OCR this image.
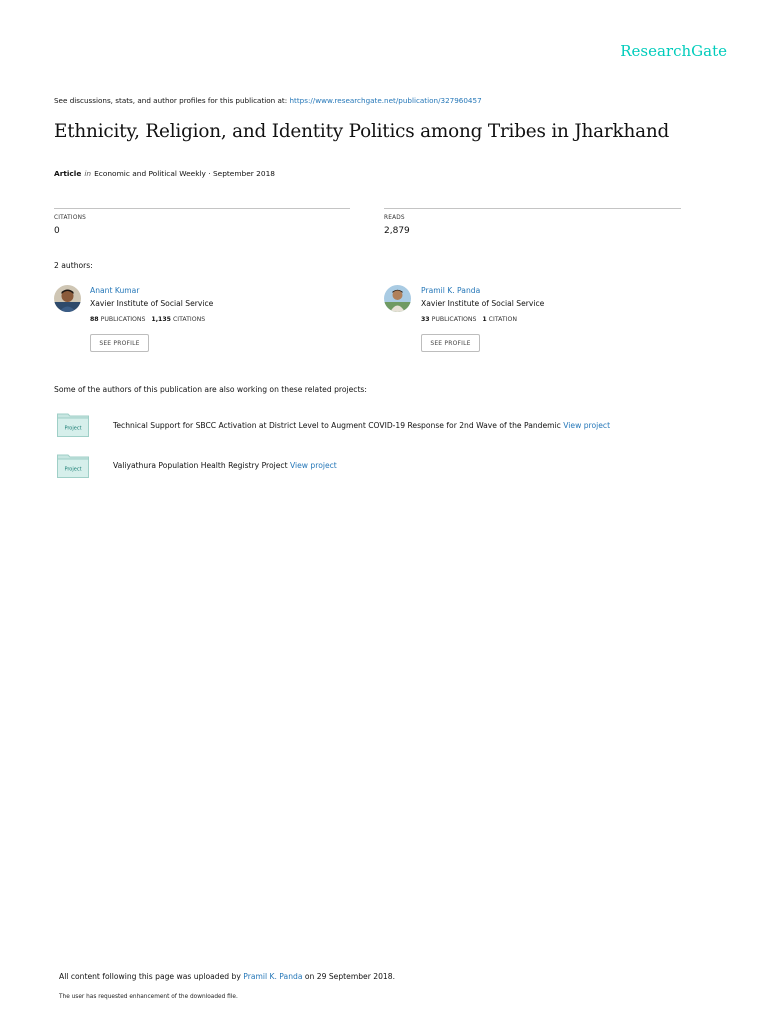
ResearchGate
See discussions, stats, and author profiles for this publication at: https://www.researchgate.net/publication/327960457
Ethnicity, Religion, and Identity Politics among Tribes in Jharkhand
Article in Economic and Political Weekly · September 2018
CITATIONS
0
READS
2,879
2 authors:
Anant Kumar
Xavier Institute of Social Service
88 PUBLICATIONS 1,135 CITATIONS
SEE PROFILE
Pramil K. Panda
Xavier Institute of Social Service
33 PUBLICATIONS 1 CITATION
SEE PROFILE
Some of the authors of this publication are also working on these related projects:
Project	Technical Support for SBCC Activation at District Level to Augment COVID-19 Response for 2nd Wave of the Pandemic View project
Project	Valiyathura Population Health Registry Project View project
All content following this page was uploaded by Pramil K. Panda on 29 September 2018.
The user has requested enhancement of the downloaded file.
